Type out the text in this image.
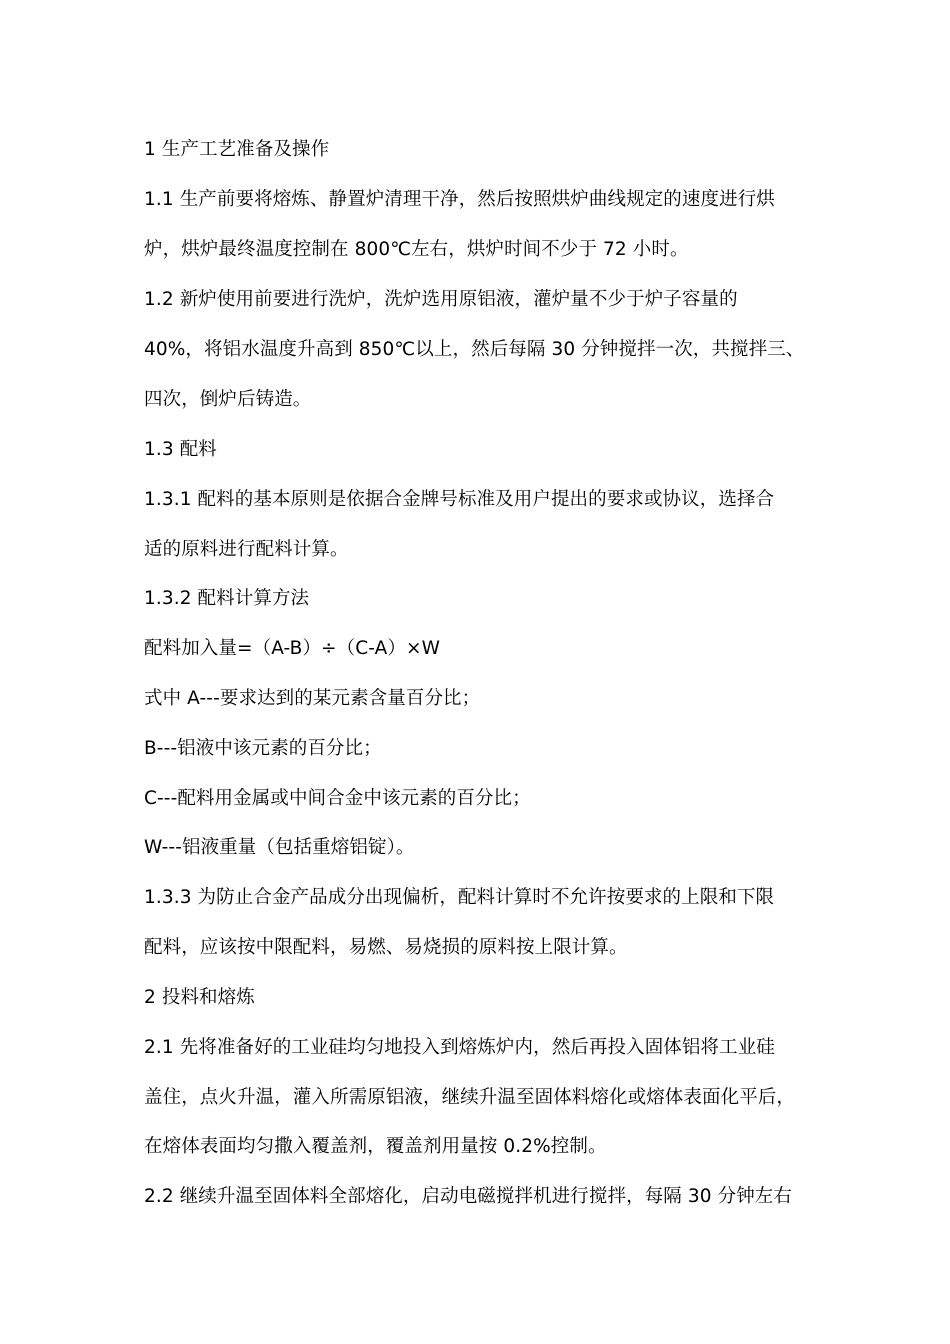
1 生产工艺准备及操作
1.1 生产前要将熔炼、静置炉清理干净，然后按照烘炉曲线规定的速度进行烘
炉，烘炉最终温度控制在 800℃左右，烘炉时间不少于 72 小时。
1.2 新炉使用前要进行洗炉，洗炉选用原铝液，灌炉量不少于炉子容量的
40%，将铝水温度升高到 850℃以上，然后每隔 30 分钟搅拌一次，共搅拌三、
四次，倒炉后铸造。
1.3 配料
1.3.1 配料的基本原则是依据合金牌号标准及用户提出的要求或协议，选择合
适的原料进行配料计算。
1.3.2 配料计算方法
配料加入量=（A-B）÷（C-A）×W
式中 A---要求达到的某元素含量百分比；
B---铝液中该元素的百分比；
C---配料用金属或中间合金中该元素的百分比；
W---铝液重量（包括重熔铝锭）。
1.3.3 为防止合金产品成分出现偏析，配料计算时不允许按要求的上限和下限
配料，应该按中限配料，易燃、易烧损的原料按上限计算。
2 投料和熔炼
2.1 先将准备好的工业硅均匀地投入到熔炼炉内，然后再投入固体铝将工业硅
盖住，点火升温，灌入所需原铝液，继续升温至固体料熔化或熔体表面化平后，
在熔体表面均匀撒入覆盖剂，覆盖剂用量按 0.2%控制。
2.2 继续升温至固体料全部熔化，启动电磁搅拌机进行搅拌，每隔 30 分钟左右
